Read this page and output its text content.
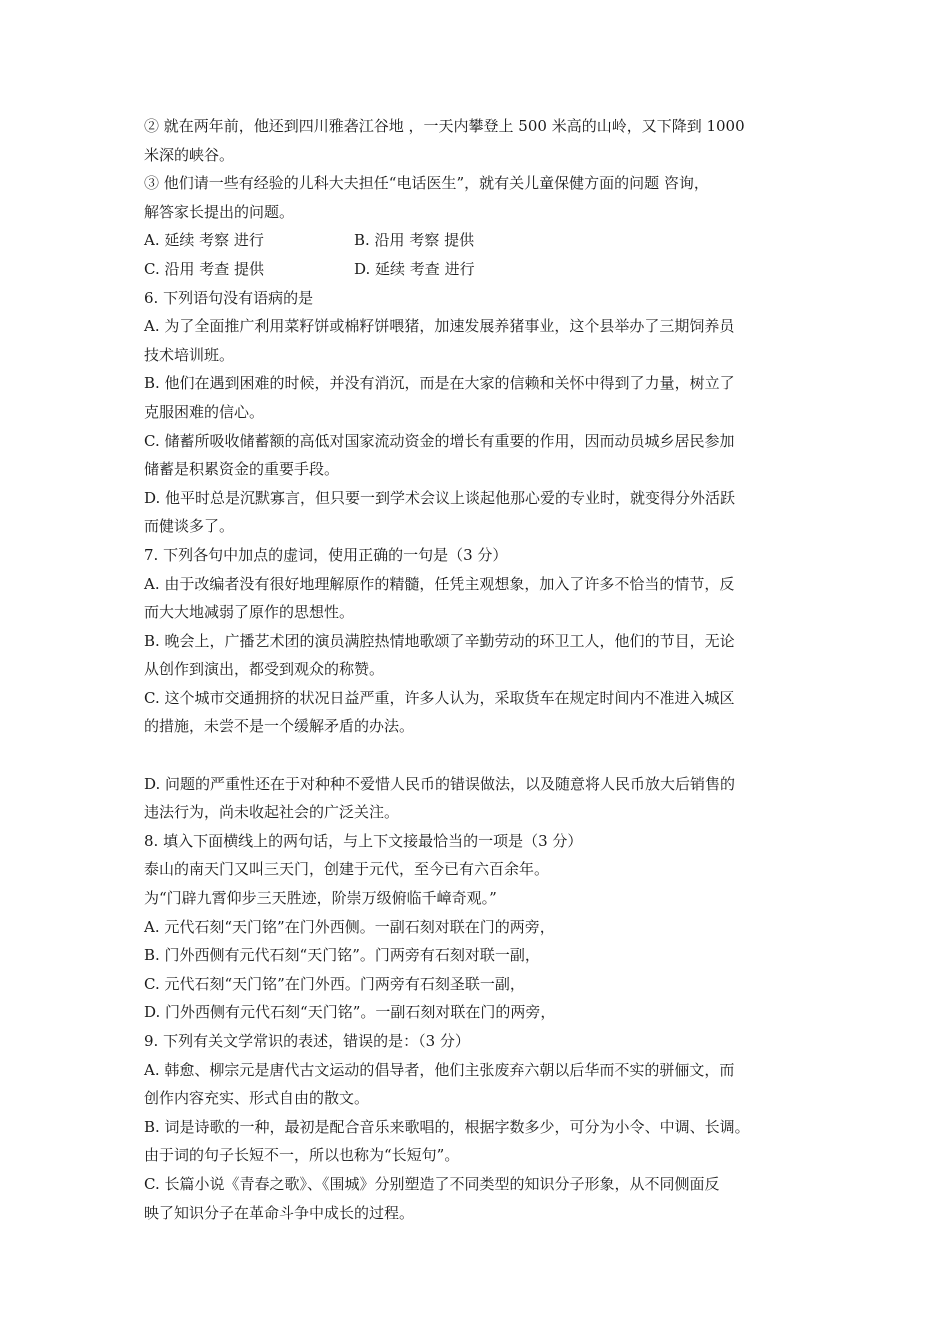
② 就在两年前，他还到四川雅砻江谷地 ，一天内攀登上 500 米高的山岭，又下降到 1000
米深的峡谷。
③ 他们请一些有经验的儿科大夫担任“电话医生”，就有关儿童保健方面的问题 咨询，
解答家长提出的问题。
A. 延续 考察 进行	B. 沿用 考察 提供
C. 沿用 考查 提供	D. 延续 考查 进行
6. 下列语句没有语病的是
A. 为了全面推广利用菜籽饼或棉籽饼喂猪，加速发展养猪事业，这个县举办了三期饲养员
技术培训班。
B. 他们在遇到困难的时候，并没有消沉，而是在大家的信赖和关怀中得到了力量，树立了
克服困难的信心。
C. 储蓄所吸收储蓄额的高低对国家流动资金的增长有重要的作用，因而动员城乡居民参加
储蓄是积累资金的重要手段。
D. 他平时总是沉默寡言，但只要一到学术会议上谈起他那心爱的专业时，就变得分外活跃
而健谈多了。
7. 下列各句中加点的虚词，使用正确的一句是（3 分）
A. 由于改编者没有很好地理解原作的精髓，任凭主观想象，加入了许多不恰当的情节，反
而大大地减弱了原作的思想性。
B. 晚会上，广播艺术团的演员满腔热情地歌颂了辛勤劳动的环卫工人，他们的节目，无论
从创作到演出，都受到观众的称赞。
C. 这个城市交通拥挤的状况日益严重，许多人认为，采取货车在规定时间内不准进入城区
的措施，未尝不是一个缓解矛盾的办法。
D. 问题的严重性还在于对种种不爱惜人民币的错误做法，以及随意将人民币放大后销售的
违法行为，尚未收起社会的广泛关注。
8. 填入下面横线上的两句话，与上下文接最恰当的一项是（3 分）
泰山的南天门又叫三天门，创建于元代，至今已有六百余年。
为“门辟九霄仰步三天胜迹，阶崇万级俯临千嶂奇观。”
A. 元代石刻“天门铭”在门外西侧。一副石刻对联在门的两旁，
B. 门外西侧有元代石刻“天门铭”。门两旁有石刻对联一副，
C. 元代石刻“天门铭”在门外西。门两旁有石刻圣联一副，
D. 门外西侧有元代石刻“天门铭”。一副石刻对联在门的两旁，
9. 下列有关文学常识的表述，错误的是：（3 分）
A. 韩愈、柳宗元是唐代古文运动的倡导者，他们主张废弃六朝以后华而不实的骈俪文，而
创作内容充实、形式自由的散文。
B. 词是诗歌的一种，最初是配合音乐来歌唱的，根据字数多少，可分为小令、中调、长调。
由于词的句子长短不一，所以也称为“长短句”。
C. 长篇小说《青春之歌》、《围城》分别塑造了不同类型的知识分子形象，从不同侧面反
映了知识分子在革命斗争中成长的过程。
